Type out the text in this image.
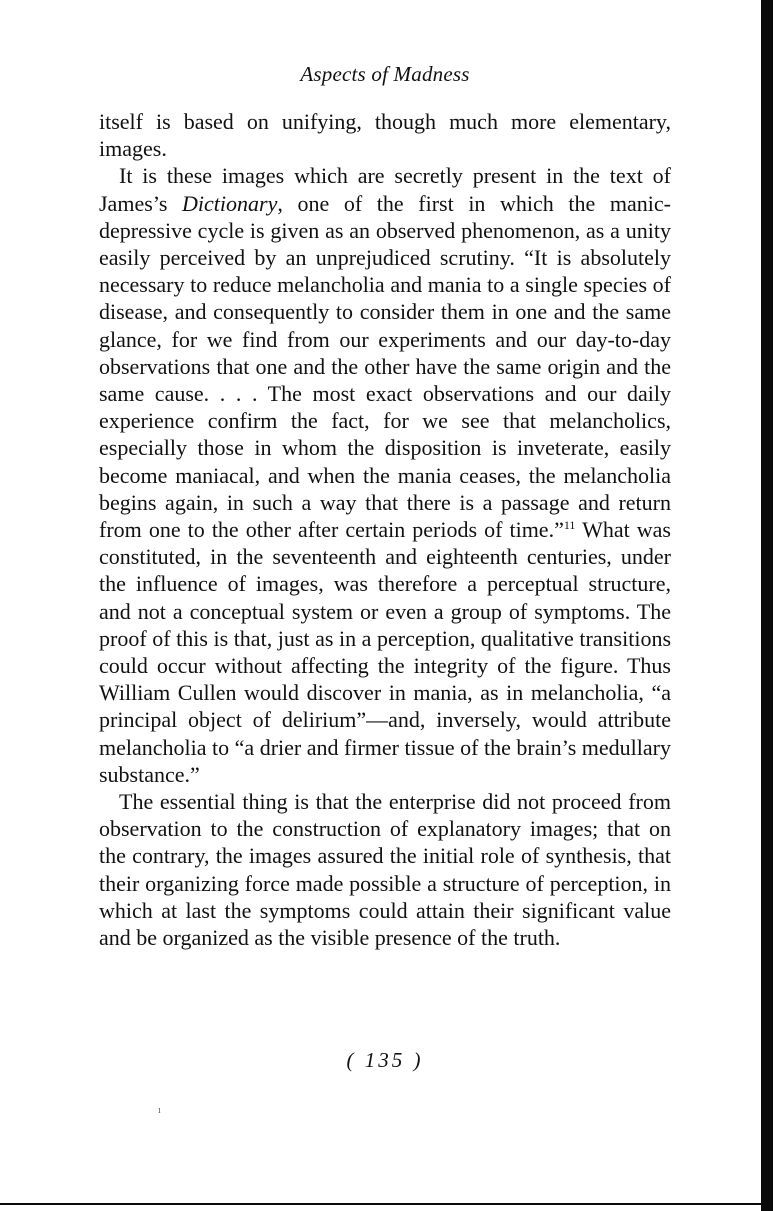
Aspects of Madness

itself is based on unifying, though much more elementary, images.

It is these images which are secretly present in the text of James’s Dictionary, one of the first in which the manic-depressive cycle is given as an observed phenomenon, as a unity easily perceived by an unprejudiced scrutiny. “It is absolutely necessary to reduce melancholia and mania to a single species of disease, and consequently to consider them in one and the same glance, for we find from our experiments and our day-to-day observations that one and the other have the same origin and the same cause. . . . The most exact observations and our daily experience confirm the fact, for we see that melancholics, especially those in whom the disposition is inveterate, easily become maniacal, and when the mania ceases, the melancholia begins again, in such a way that there is a passage and return from one to the other after certain periods of time.”$^{11}$ What was constituted, in the seventeenth and eighteenth centuries, under the influence of images, was therefore a perceptual structure, and not a conceptual system or even a group of symptoms. The proof of this is that, just as in a perception, qualitative transitions could occur without affecting the integrity of the figure. Thus William Cullen would discover in mania, as in melancholia, “a principal object of delirium”—and, inversely, would attribute melancholia to “a drier and firmer tissue of the brain’s medullary substance.”

The essential thing is that the enterprise did not proceed from observation to the construction of explanatory images; that on the contrary, the images assured the initial role of synthesis, that their organizing force made possible a structure of perception, in which at last the symptoms could attain their significant value and be organized as the visible presence of the truth.

( 135 )
ı
